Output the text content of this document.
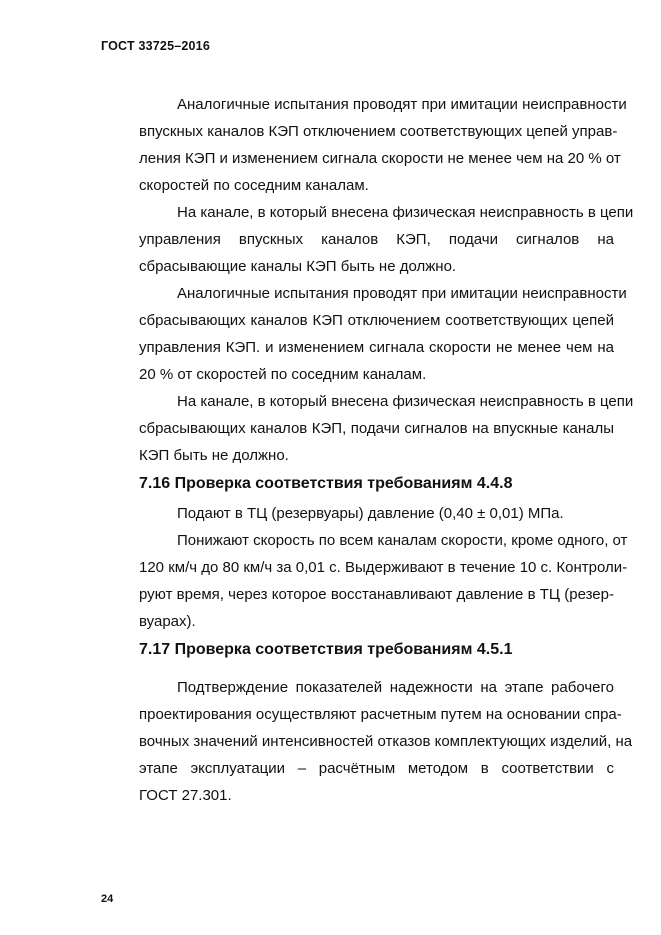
ГОСТ 33725–2016
Аналогичные испытания проводят при имитации неисправности
впускных каналов КЭП отключением соответствующих цепей управ-
ления КЭП и изменением сигнала скорости не менее чем на 20 % от
скоростей по соседним каналам.
На канале, в который внесена физическая неисправность в цепи
управления впускных каналов КЭП, подачи сигналов на
сбрасывающие каналы КЭП быть не должно.
Аналогичные испытания проводят при имитации неисправности
сбрасывающих каналов КЭП отключением соответствующих цепей
управления КЭП. и изменением сигнала скорости не менее чем на
20 % от скоростей по соседним каналам.
На канале, в который внесена физическая неисправность в цепи
сбрасывающих каналов КЭП, подачи сигналов на впускные каналы
КЭП быть не должно.
7.16 Проверка соответствия требованиям 4.4.8
Подают в ТЦ (резервуары) давление (0,40 ± 0,01) МПа.
Понижают скорость по всем каналам скорости, кроме одного, от
120 км/ч до 80 км/ч за 0,01 с. Выдерживают в течение 10 с. Контроли-
руют время, через которое восстанавливают давление в ТЦ (резер-
вуарах).
7.17 Проверка соответствия требованиям 4.5.1
Подтверждение показателей надежности на этапе рабочего
проектирования осуществляют расчетным путем на основании спра-
вочных значений интенсивностей отказов комплектующих изделий, на
этапе эксплуатации – расчётным методом в соответствии с
ГОСТ 27.301.
24
